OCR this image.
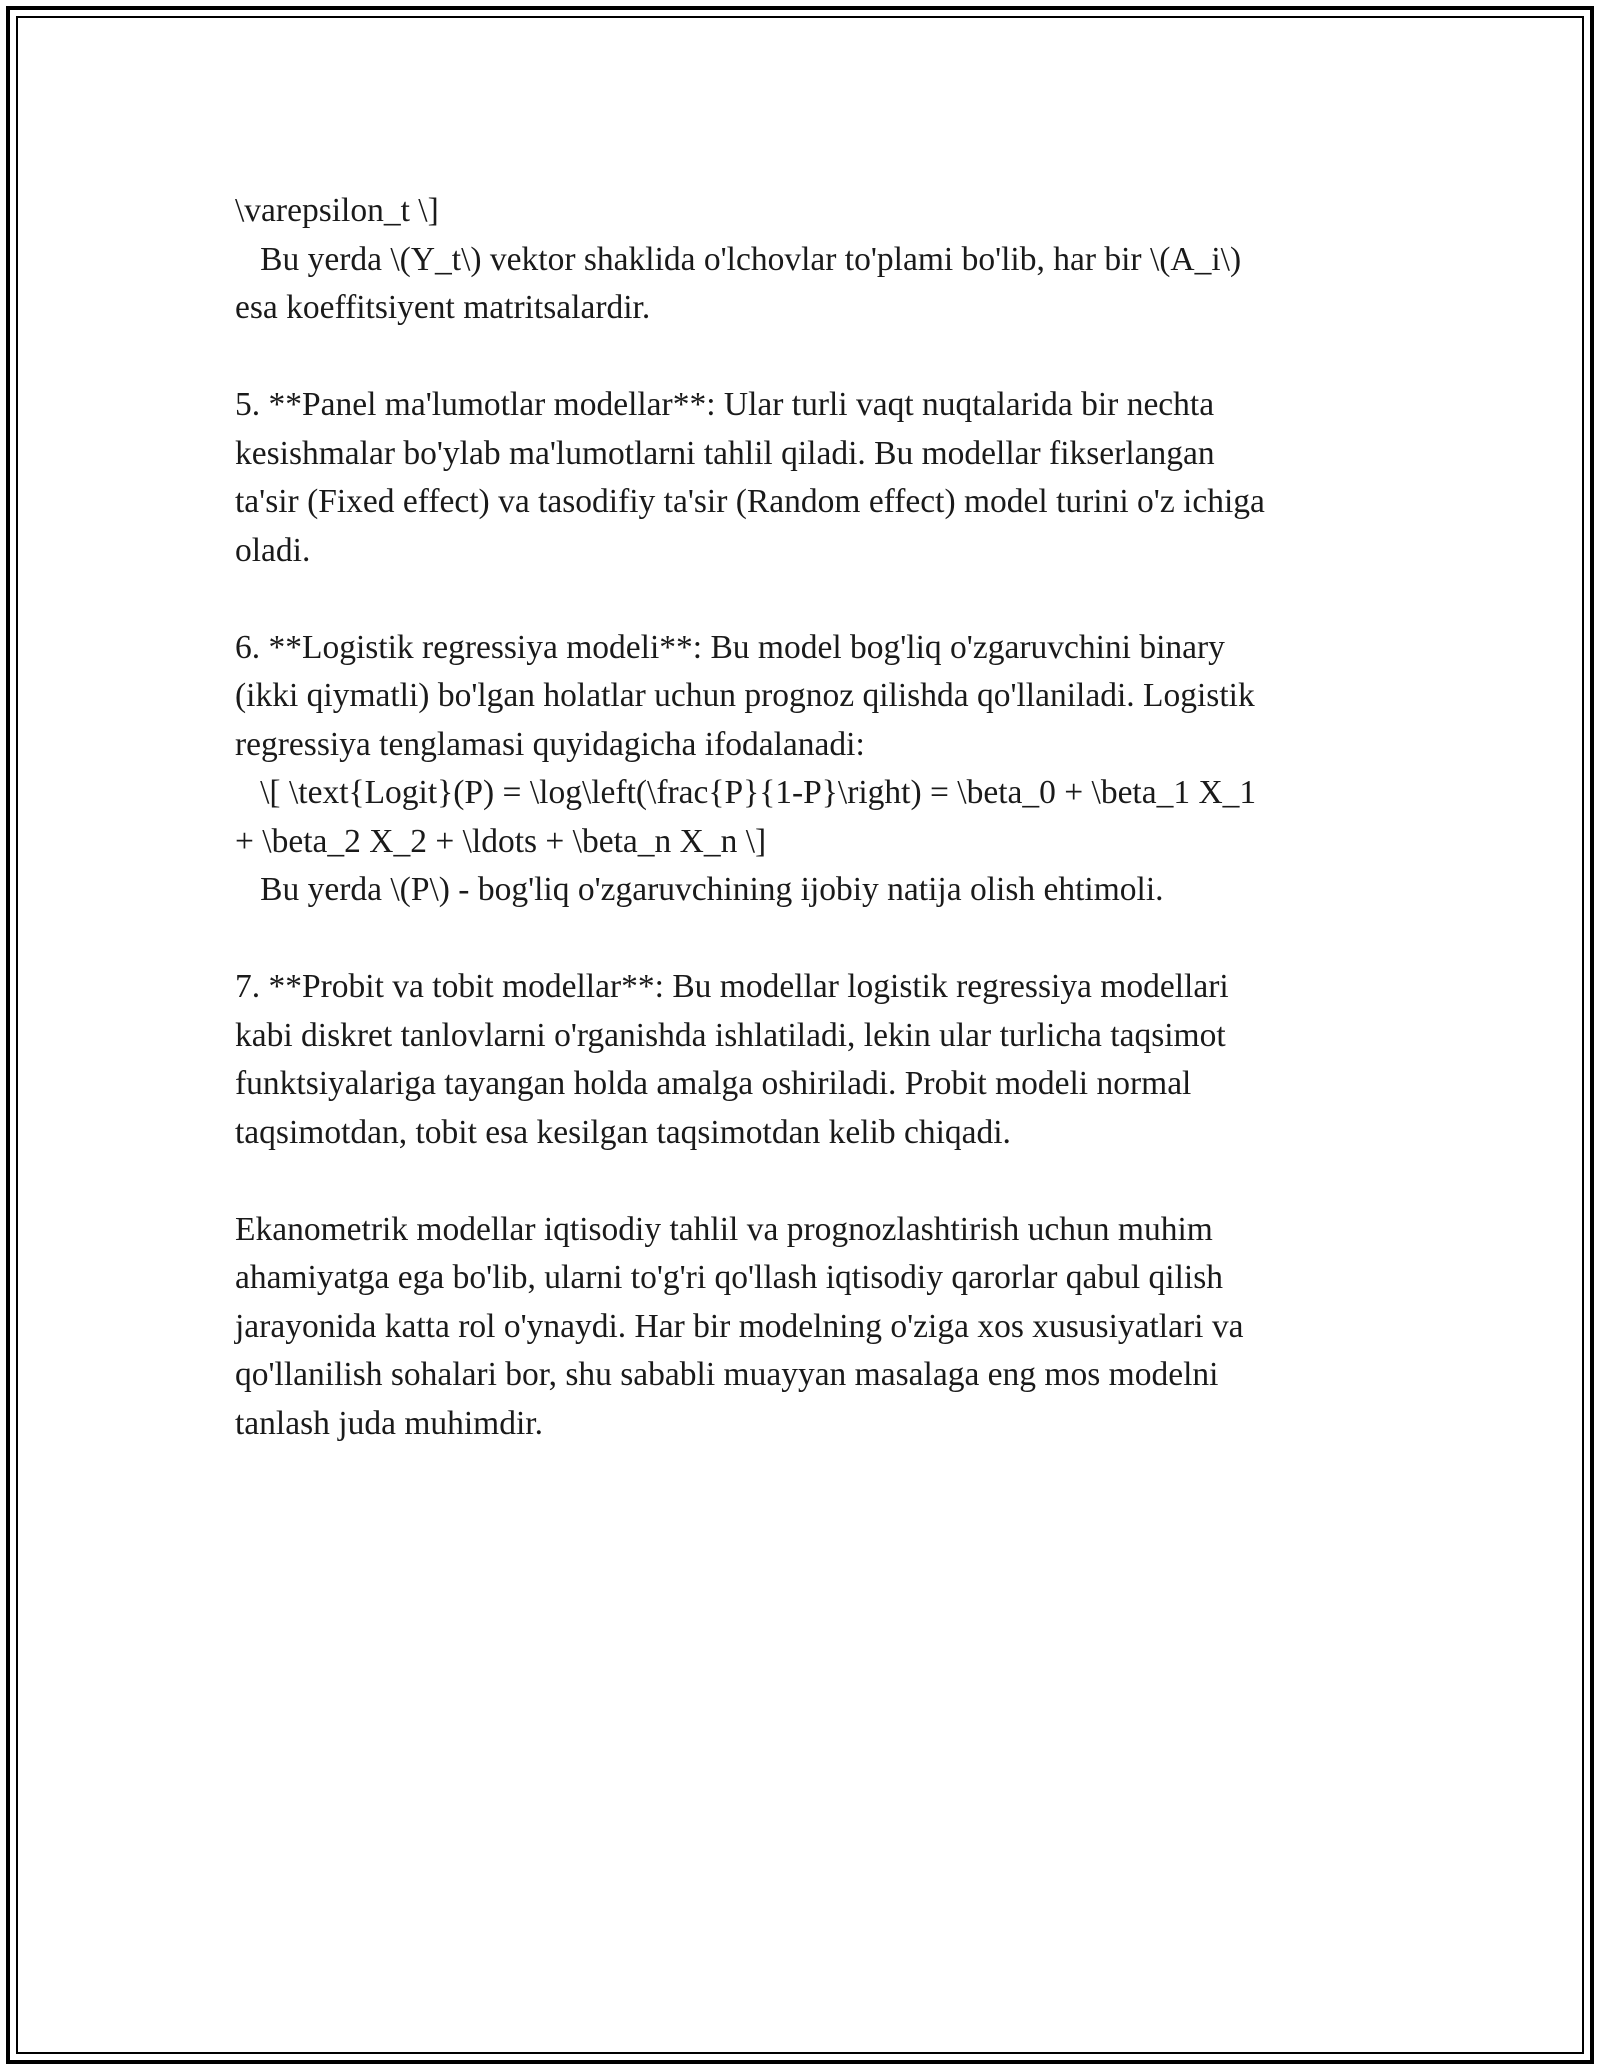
\varepsilon_t \]
Bu yerda \(Y_t\) vektor shaklida o'lchovlar to'plami bo'lib, har bir \(A_i\)
esa koeffitsiyent matritsalardir.
5. **Panel ma'lumotlar modellar**: Ular turli vaqt nuqtalarida bir nechta
kesishmalar bo'ylab ma'lumotlarni tahlil qiladi. Bu modellar fikserlangan
ta'sir (Fixed effect) va tasodifiy ta'sir (Random effect) model turini o'z ichiga
oladi.
6. **Logistik regressiya modeli**: Bu model bog'liq o'zgaruvchini binary
(ikki qiymatli) bo'lgan holatlar uchun prognoz qilishda qo'llaniladi. Logistik
regressiya tenglamasi quyidagicha ifodalanadi:
\[ \text{Logit}(P) = \log\left(\frac{P}{1-P}\right) = \beta_0 + \beta_1 X_1
+ \beta_2 X_2 + \ldots + \beta_n X_n \]
Bu yerda \(P\) - bog'liq o'zgaruvchining ijobiy natija olish ehtimoli.
7. **Probit va tobit modellar**: Bu modellar logistik regressiya modellari
kabi diskret tanlovlarni o'rganishda ishlatiladi, lekin ular turlicha taqsimot
funktsiyalariga tayangan holda amalga oshiriladi. Probit modeli normal
taqsimotdan, tobit esa kesilgan taqsimotdan kelib chiqadi.
Ekanometrik modellar iqtisodiy tahlil va prognozlashtirish uchun muhim
ahamiyatga ega bo'lib, ularni to'g'ri qo'llash iqtisodiy qarorlar qabul qilish
jarayonida katta rol o'ynaydi. Har bir modelning o'ziga xos xususiyatlari va
qo'llanilish sohalari bor, shu sababli muayyan masalaga eng mos modelni
tanlash juda muhimdir.
